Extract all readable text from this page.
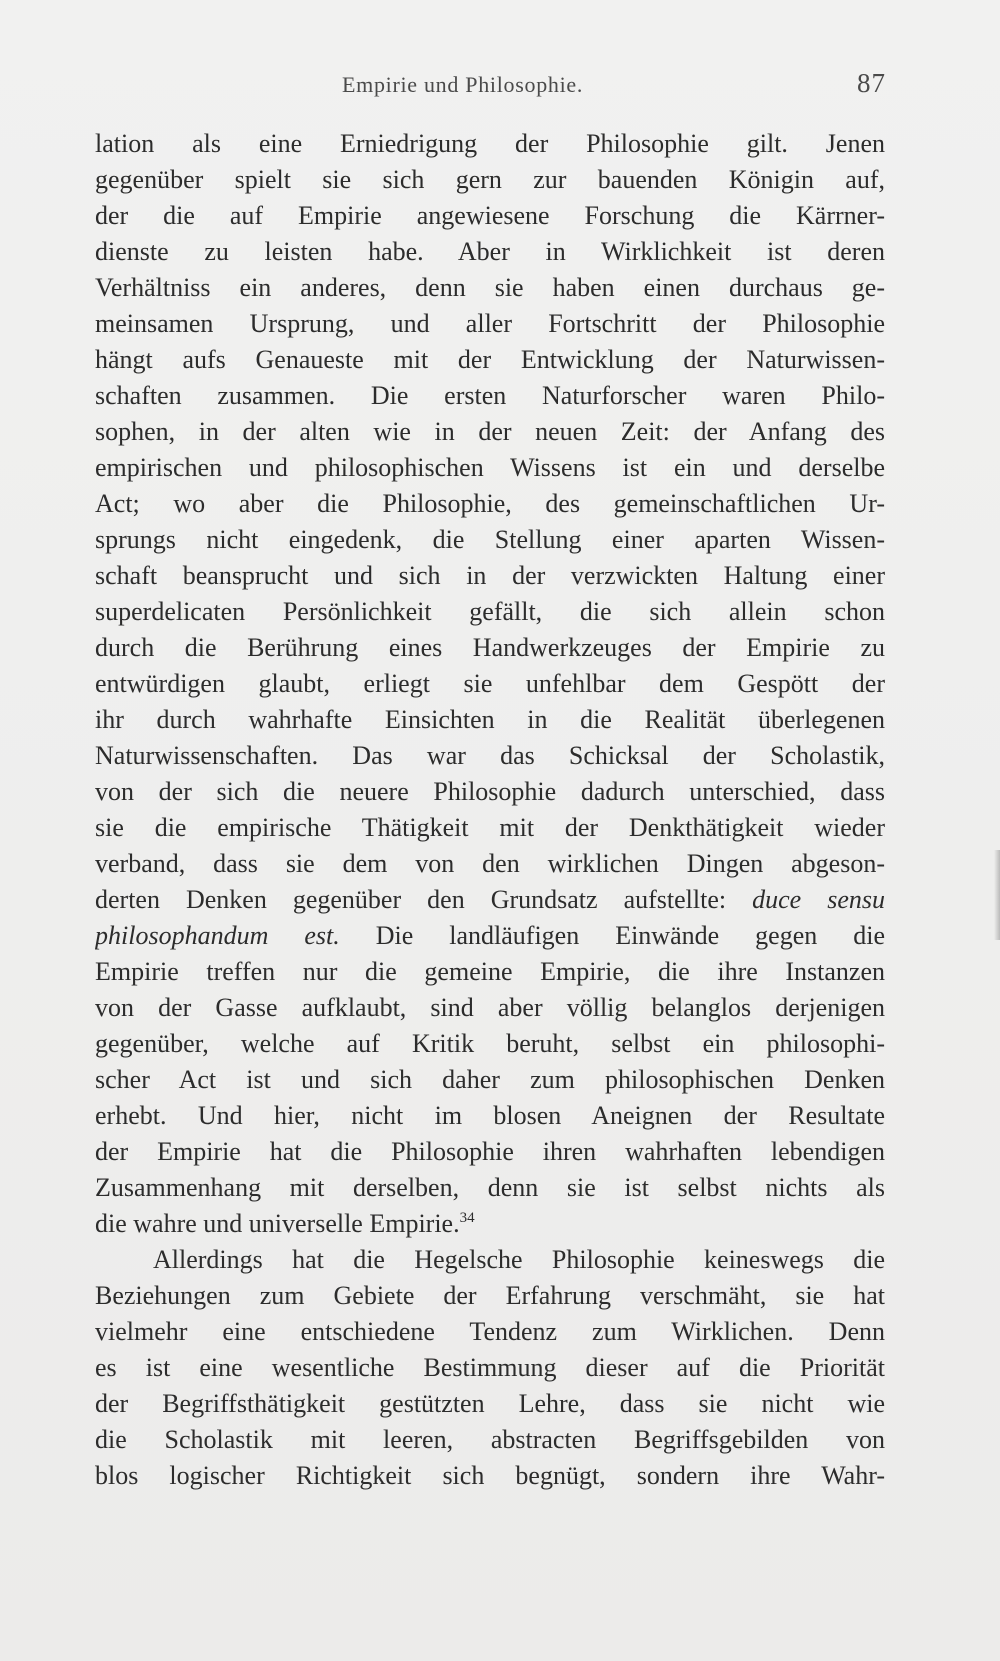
Empirie und Philosophie.	87
lation als eine Erniedrigung der Philosophie gilt. Jenen
gegenüber spielt sie sich gern zur bauenden Königin auf,
der die auf Empirie angewiesene Forschung die Kärrner-
dienste zu leisten habe. Aber in Wirklichkeit ist deren
Verhältniss ein anderes, denn sie haben einen durchaus ge-
meinsamen Ursprung, und aller Fortschritt der Philosophie
hängt aufs Genaueste mit der Entwicklung der Naturwissen-
schaften zusammen. Die ersten Naturforscher waren Philo-
sophen, in der alten wie in der neuen Zeit: der Anfang des
empirischen und philosophischen Wissens ist ein und derselbe
Act; wo aber die Philosophie, des gemeinschaftlichen Ur-
sprungs nicht eingedenk, die Stellung einer aparten Wissen-
schaft beansprucht und sich in der verzwickten Haltung einer
superdelicaten Persönlichkeit gefällt, die sich allein schon
durch die Berührung eines Handwerkzeuges der Empirie zu
entwürdigen glaubt, erliegt sie unfehlbar dem Gespött der
ihr durch wahrhafte Einsichten in die Realität überlegenen
Naturwissenschaften. Das war das Schicksal der Scholastik,
von der sich die neuere Philosophie dadurch unterschied, dass
sie die empirische Thätigkeit mit der Denkthätigkeit wieder
verband, dass sie dem von den wirklichen Dingen abgeson-
derten Denken gegenüber den Grundsatz aufstellte: duce sensu
philosophandum est. Die landläufigen Einwände gegen die
Empirie treffen nur die gemeine Empirie, die ihre Instanzen
von der Gasse aufklaubt, sind aber völlig belanglos derjenigen
gegenüber, welche auf Kritik beruht, selbst ein philosophi-
scher Act ist und sich daher zum philosophischen Denken
erhebt. Und hier, nicht im blosen Aneignen der Resultate
der Empirie hat die Philosophie ihren wahrhaften lebendigen
Zusammenhang mit derselben, denn sie ist selbst nichts als
die wahre und universelle Empirie.$^{34}$
Allerdings hat die Hegelsche Philosophie keineswegs die
Beziehungen zum Gebiete der Erfahrung verschmäht, sie hat
vielmehr eine entschiedene Tendenz zum Wirklichen. Denn
es ist eine wesentliche Bestimmung dieser auf die Priorität
der Begriffsthätigkeit gestützten Lehre, dass sie nicht wie
die Scholastik mit leeren, abstracten Begriffsgebilden von
blos logischer Richtigkeit sich begnügt, sondern ihre Wahr-
